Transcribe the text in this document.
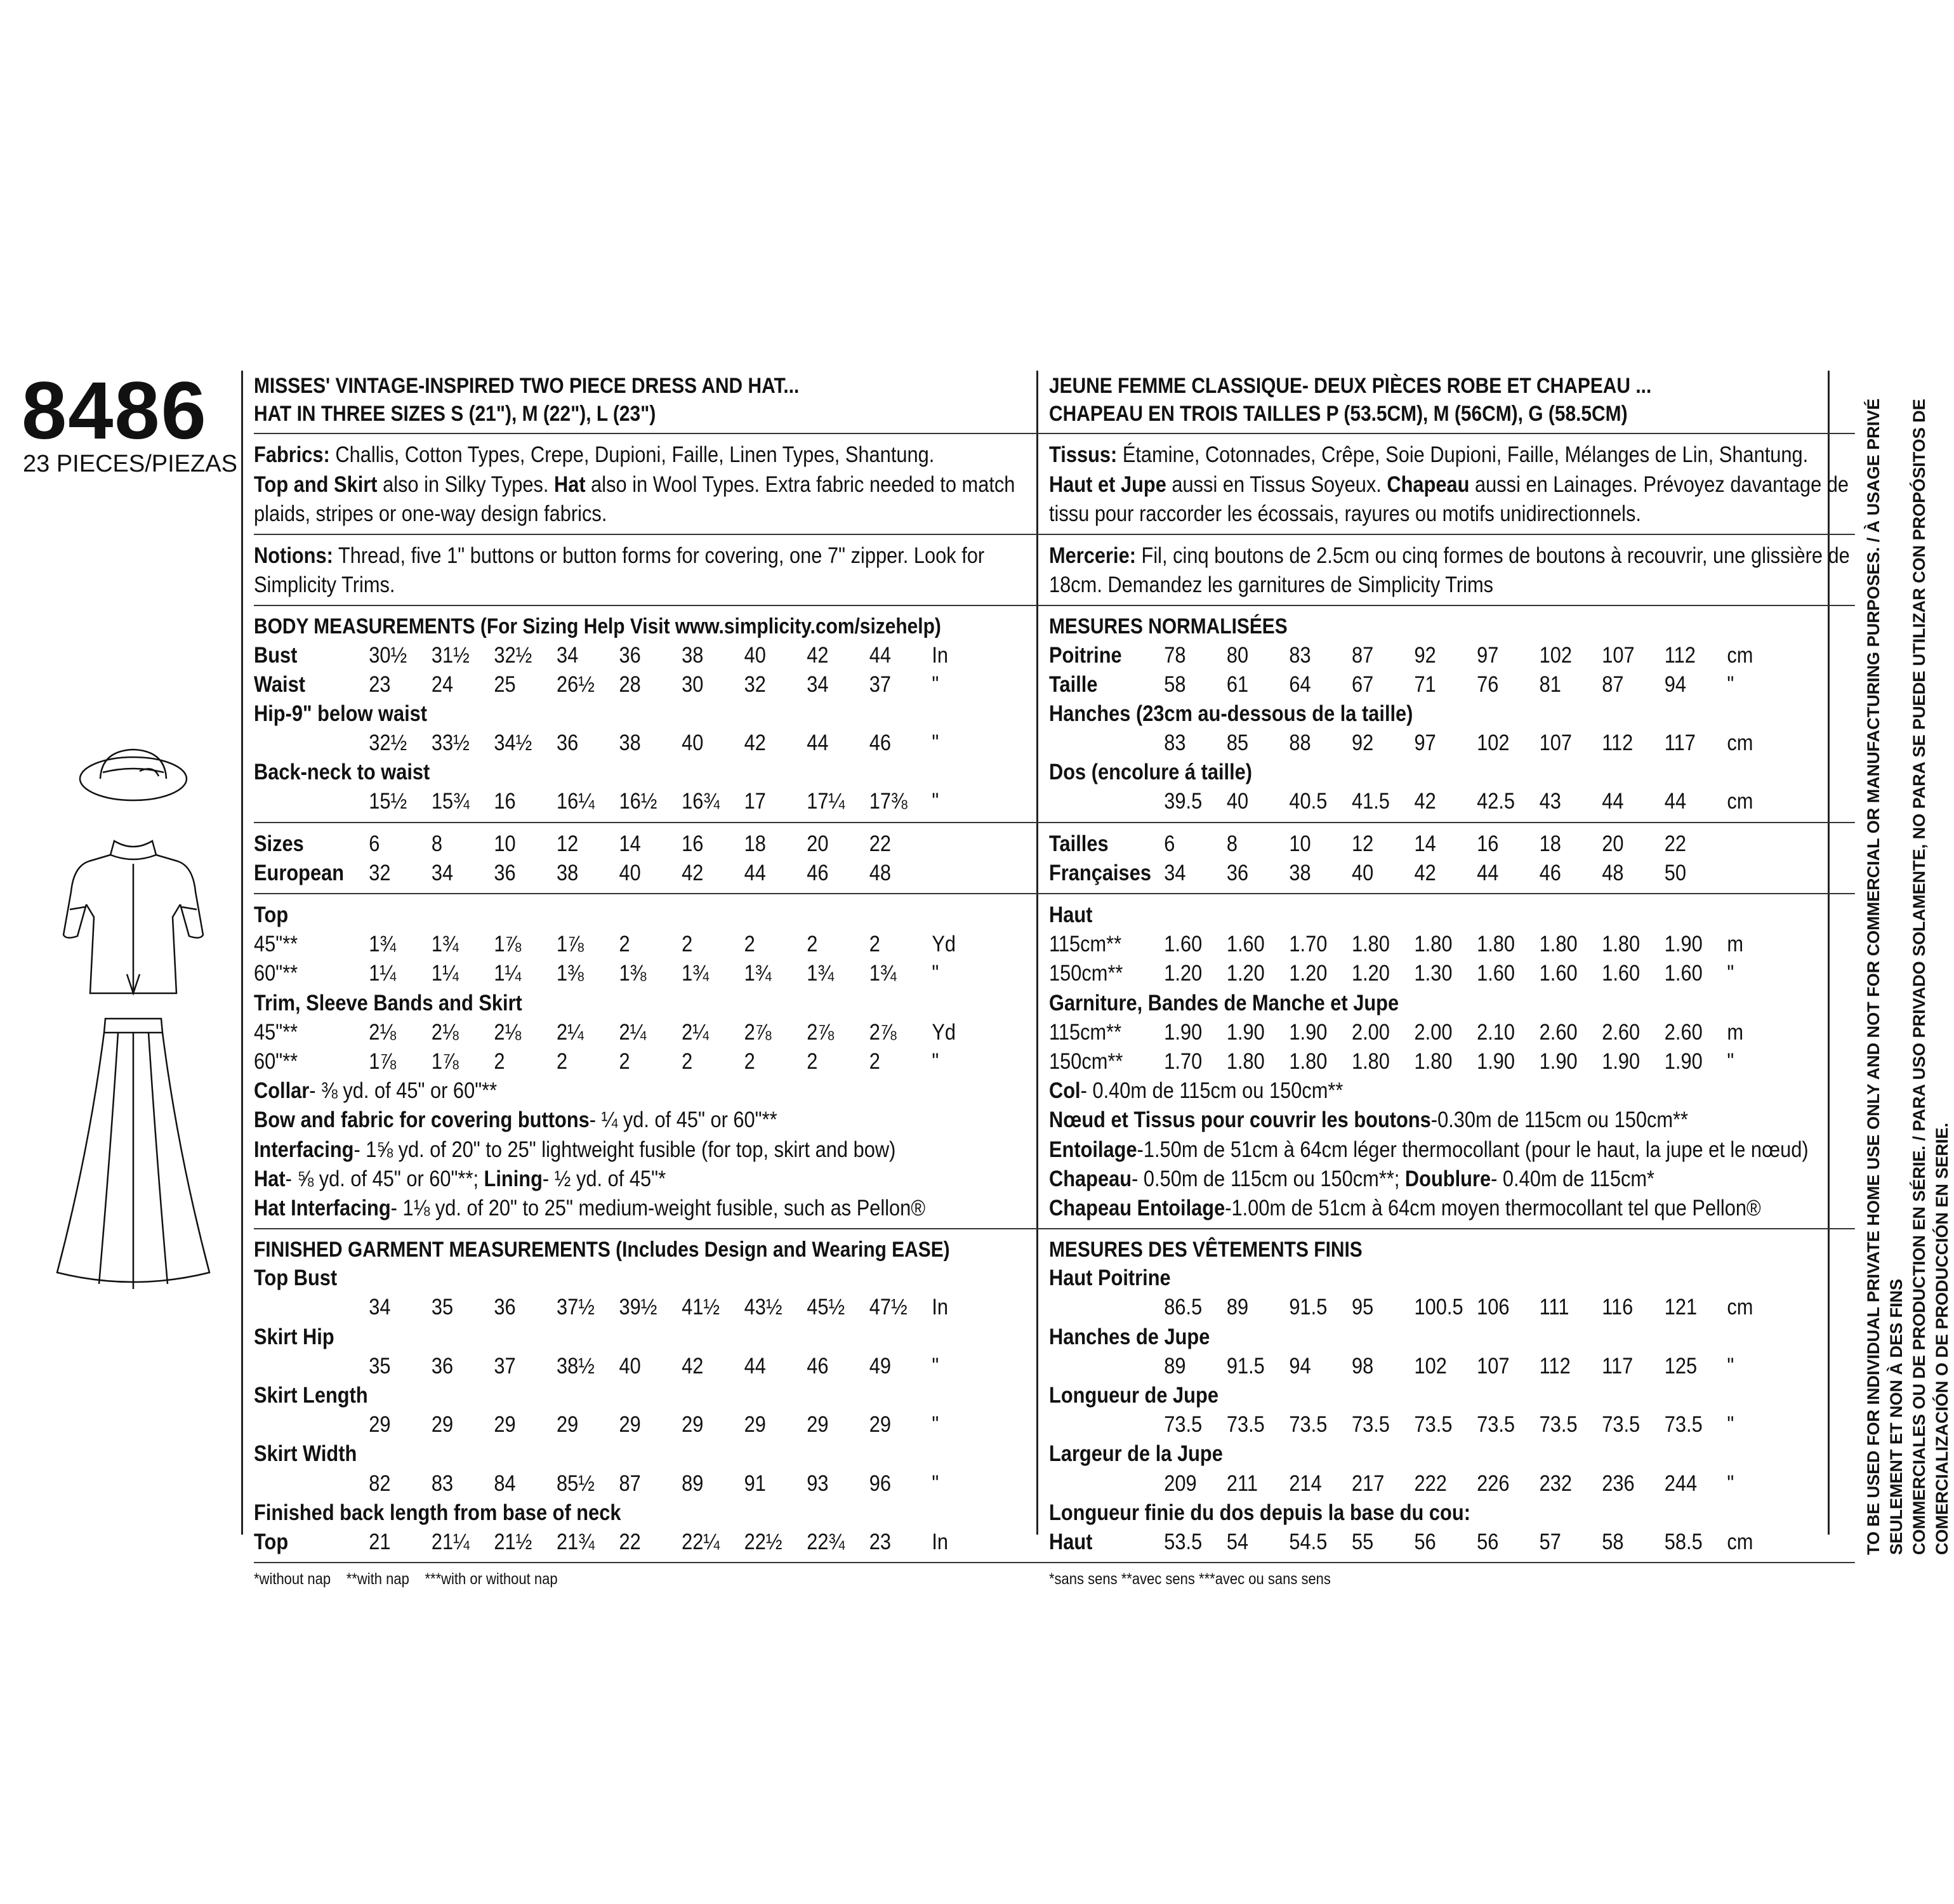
8486
23 PIECES/PIEZAS
MISSES' VINTAGE-INSPIRED TWO PIECE DRESS AND HAT...
HAT IN THREE SIZES S (21"), M (22"), L (23")
Fabrics: Challis, Cotton Types, Crepe, Dupioni, Faille, Linen Types, Shantung.
Top and Skirt also in Silky Types. Hat also in Wool Types. Extra fabric needed to match plaids, stripes or one-way design fabrics.
Notions: Thread, five 1" buttons or button forms for covering, one 7" zipper. Look for Simplicity Trims.
BODY MEASUREMENTS (For Sizing Help Visit www.simplicity.com/sizehelp)
Bust	30½	31½	32½	34	36	38	40	42	44	In
Waist	23	24	25	26½	28	30	32	34	37	"
Hip-9" below waist										
	32½	33½	34½	36	38	40	42	44	46	"
Back-neck to waist										
	15½	15¾	16	16¼	16½	16¾	17	17¼	17⅜	"
Sizes	6	8	10	12	14	16	18	20	22	
European	32	34	36	38	40	42	44	46	48	
Top										
45"**	1¾	1¾	1⅞	1⅞	2	2	2	2	2	Yd
60"**	1¼	1¼	1¼	1⅜	1⅜	1¾	1¾	1¾	1¾	"
Trim, Sleeve Bands and Skirt										
45"**	2⅛	2⅛	2⅛	2¼	2¼	2¼	2⅞	2⅞	2⅞	Yd
60"**	1⅞	1⅞	2	2	2	2	2	2	2	"
Collar- ⅜ yd. of 45" or 60"**
Bow and fabric for covering buttons- ¼ yd. of 45" or 60"**
Interfacing- 1⅝ yd. of 20" to 25" lightweight fusible (for top, skirt and bow)
Hat- ⅝ yd. of 45" or 60"**; Lining- ½ yd. of 45"*
Hat Interfacing- 1⅛ yd. of 20" to 25" medium-weight fusible, such as Pellon®
FINISHED GARMENT MEASUREMENTS (Includes Design and Wearing EASE)
Top Bust										
	34	35	36	37½	39½	41½	43½	45½	47½	In
Skirt Hip										
	35	36	37	38½	40	42	44	46	49	"
Skirt Length										
	29	29	29	29	29	29	29	29	29	"
Skirt Width										
	82	83	84	85½	87	89	91	93	96	"
Finished back length from base of neck										
Top	21	21¼	21½	21¾	22	22¼	22½	22¾	23	In
*without nap **with nap ***with or without nap
JEUNE FEMME CLASSIQUE- DEUX PIÈCES ROBE ET CHAPEAU ...
CHAPEAU EN TROIS TAILLES P (53.5CM), M (56CM), G (58.5CM)
Tissus: Étamine, Cotonnades, Crêpe, Soie Dupioni, Faille, Mélanges de Lin, Shantung.
Haut et Jupe aussi en Tissus Soyeux. Chapeau aussi en Lainages. Prévoyez davantage de tissu pour raccorder les écossais, rayures ou motifs unidirectionnels.
Mercerie: Fil, cinq boutons de 2.5cm ou cinq formes de boutons à recouvrir, une glissière de 18cm. Demandez les garnitures de Simplicity Trims
MESURES NORMALISÉES
Poitrine	78	80	83	87	92	97	102	107	112	cm
Taille	58	61	64	67	71	76	81	87	94	"
Hanches (23cm au-dessous de la taille)										
	83	85	88	92	97	102	107	112	117	cm
Dos (encolure á taille)										
	39.5	40	40.5	41.5	42	42.5	43	44	44	cm
Tailles	6	8	10	12	14	16	18	20	22	
Françaises	34	36	38	40	42	44	46	48	50	
Haut										
115cm**	1.60	1.60	1.70	1.80	1.80	1.80	1.80	1.80	1.90	m
150cm**	1.20	1.20	1.20	1.20	1.30	1.60	1.60	1.60	1.60	"
Garniture, Bandes de Manche et Jupe										
115cm**	1.90	1.90	1.90	2.00	2.00	2.10	2.60	2.60	2.60	m
150cm**	1.70	1.80	1.80	1.80	1.80	1.90	1.90	1.90	1.90	"
Col- 0.40m de 115cm ou 150cm**
Nœud et Tissus pour couvrir les boutons-0.30m de 115cm ou 150cm**
Entoilage-1.50m de 51cm à 64cm léger thermocollant (pour le haut, la jupe et le nœud)
Chapeau- 0.50m de 115cm ou 150cm**; Doublure- 0.40m de 115cm*
Chapeau Entoilage-1.00m de 51cm à 64cm moyen thermocollant tel que Pellon®
MESURES DES VÊTEMENTS FINIS
Haut Poitrine										
	86.5	89	91.5	95	100.5	106	111	116	121	cm
Hanches de Jupe										
	89	91.5	94	98	102	107	112	117	125	"
Longueur de Jupe										
	73.5	73.5	73.5	73.5	73.5	73.5	73.5	73.5	73.5	"
Largeur de la Jupe										
	209	211	214	217	222	226	232	236	244	"
Longueur finie du dos depuis la base du cou:										
Haut	53.5	54	54.5	55	56	56	57	58	58.5	cm
*sans sens **avec sens ***avec ou sans sens
TO BE USED FOR INDIVIDUAL PRIVATE HOME USE ONLY AND NOT FOR COMMERCIAL OR MANUFACTURING PURPOSES. / À USAGE PRIVÉ SEULEMENT ET NON À DES FINS COMMERCIALES OU DE PRODUCTION EN SÉRIE. / PARA USO PRIVADO SOLAMENTE, NO PARA SE PUEDE UTILIZAR CON PROPÓSITOS DE COMERCIALIZACIÓN O DE PRODUCCIÓN EN SERIE.
